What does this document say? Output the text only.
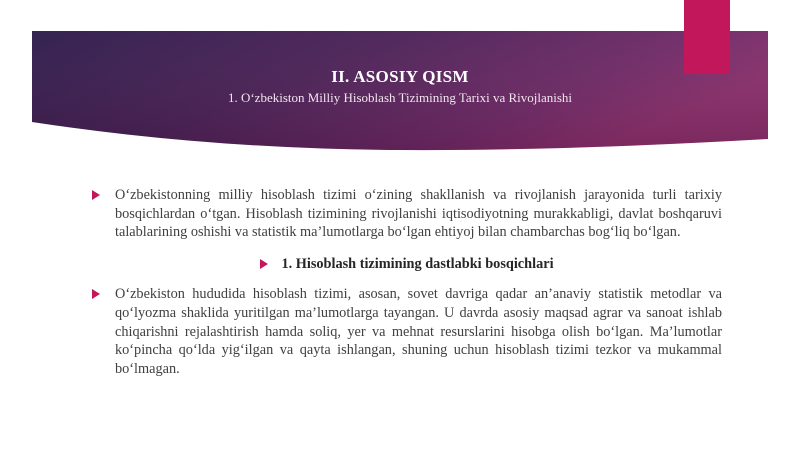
II. ASOSIY QISM
1. O‘zbekiston Milliy Hisoblash Tizimining Tarixi va Rivojlanishi

O‘zbekistonning milliy hisoblash tizimi o‘zining shakllanish va rivojlanish jarayonida turli tarixiy bosqichlardan o‘tgan. Hisoblash tizimining rivojlanishi iqtisodiyotning murakkabligi, davlat boshqaruvi talablarining oshishi va statistik ma’lumotlarga bo‘lgan ehtiyoj bilan chambarchas bog‘liq bo‘lgan.

1. Hisoblash tizimining dastlabki bosqichlari

O‘zbekiston hududida hisoblash tizimi, asosan, sovet davriga qadar an’anaviy statistik metodlar va qo‘lyozma shaklida yuritilgan ma’lumotlarga tayangan. U davrda asosiy maqsad agrar va sanoat ishlab chiqarishni rejalashtirish hamda soliq, yer va mehnat resurslarini hisobga olish bo‘lgan. Ma’lumotlar ko‘pincha qo‘lda yig‘ilgan va qayta ishlangan, shuning uchun hisoblash tizimi tezkor va mukammal bo‘lmagan.
